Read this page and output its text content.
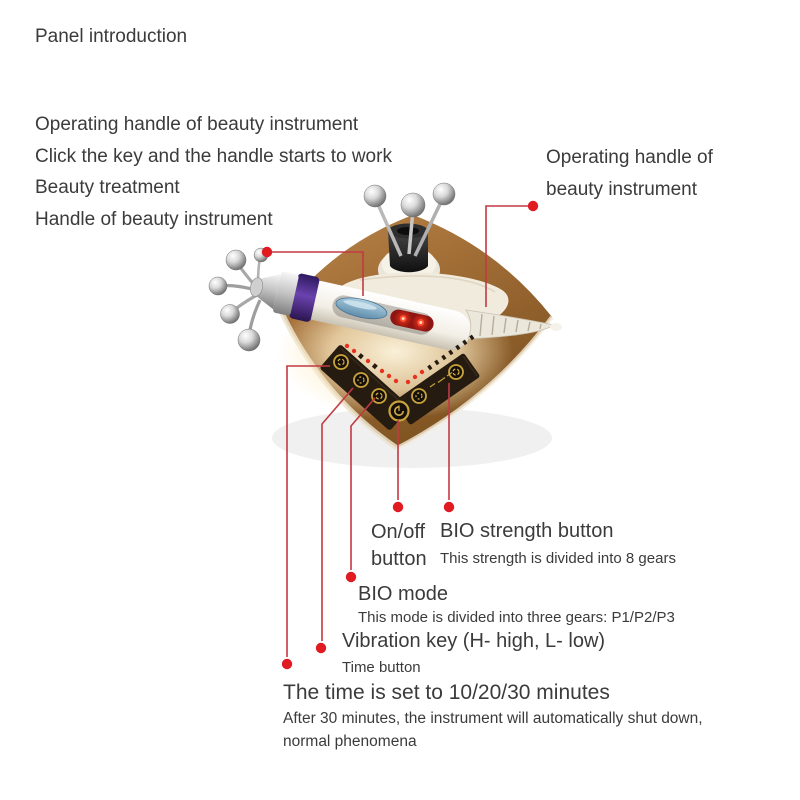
Panel introduction
Operating handle of beauty instrument
Click the key and the handle starts to work
Beauty treatment
Handle of beauty instrument
Operating handle of
beauty instrument
On/off
button
BIO strength button
This strength is divided into 8 gears
BIO mode
This mode is divided into three gears: P1/P2/P3
Vibration key (H- high, L- low)
Time button
The time is set to 10/20/30 minutes
After 30 minutes, the instrument will automatically shut down,
normal phenomena
